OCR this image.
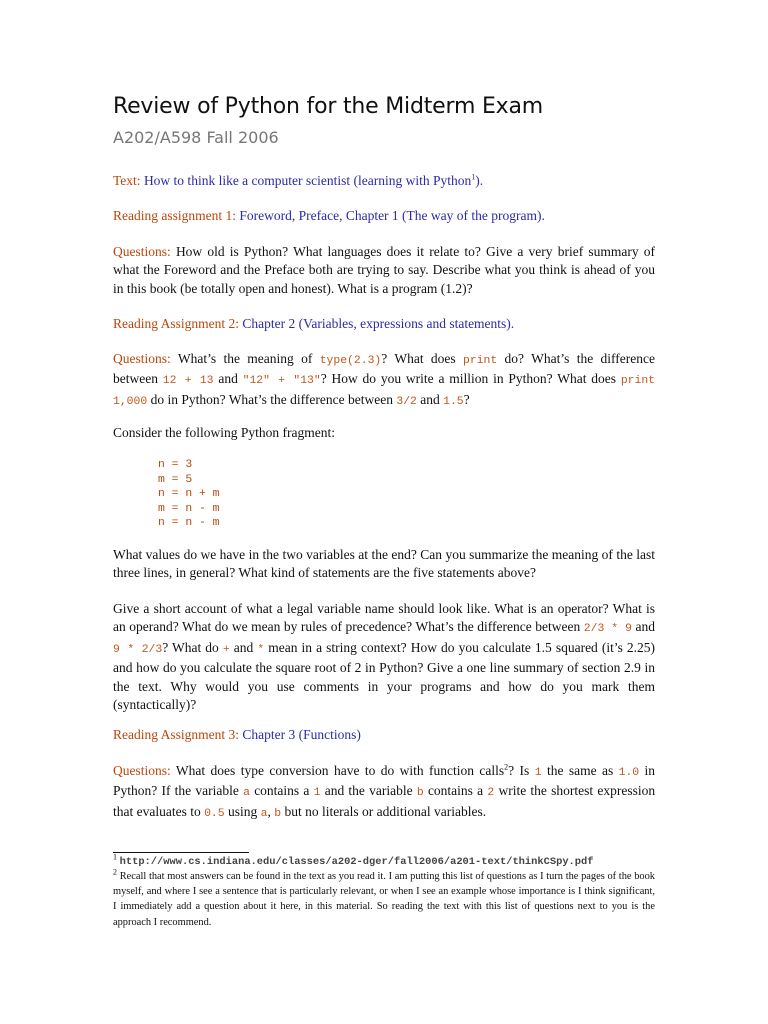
Review of Python for the Midterm Exam
A202/A598 Fall 2006
Text: How to think like a computer scientist (learning with Python$^1$).
Reading assignment 1: Foreword, Preface, Chapter 1 (The way of the program).
Questions: How old is Python? What languages does it relate to? Give a very brief summary of what the Foreword and the Preface both are trying to say. Describe what you think is ahead of you in this book (be totally open and honest). What is a program (1.2)?
Reading Assignment 2: Chapter 2 (Variables, expressions and statements).
Questions: What’s the meaning of type(2.3)? What does print do? What’s the difference between 12 + 13 and "12" + "13"? How do you write a million in Python? What does print 1,000 do in Python? What’s the difference between 3/2 and 1.5?
Consider the following Python fragment:
n = 3
m = 5
n = n + m
m = n - m
n = n - m
What values do we have in the two variables at the end? Can you summarize the meaning of the last three lines, in general? What kind of statements are the five statements above?
Give a short account of what a legal variable name should look like. What is an operator? What is an operand? What do we mean by rules of precedence? What’s the difference between 2/3 * 9 and 9 * 2/3? What do + and * mean in a string context? How do you calculate 1.5 squared (it’s 2.25) and how do you calculate the square root of 2 in Python? Give a one line summary of section 2.9 in the text. Why would you use comments in your programs and how do you mark them (syntactically)?
Reading Assignment 3: Chapter 3 (Functions)
Questions: What does type conversion have to do with function calls$^2$? Is 1 the same as 1.0 in Python? If the variable a contains a 1 and the variable b contains a 2 write the shortest expression that evaluates to 0.5 using a, b but no literals or additional variables.
$^1$ http://www.cs.indiana.edu/classes/a202-dger/fall2006/a201-text/thinkCSpy.pdf
$^2$ Recall that most answers can be found in the text as you read it. I am putting this list of questions as I turn the pages of the book myself, and where I see a sentence that is particularly relevant, or when I see an example whose importance is I think significant, I immediately add a question about it here, in this material. So reading the text with this list of questions next to you is the approach I recommend.
